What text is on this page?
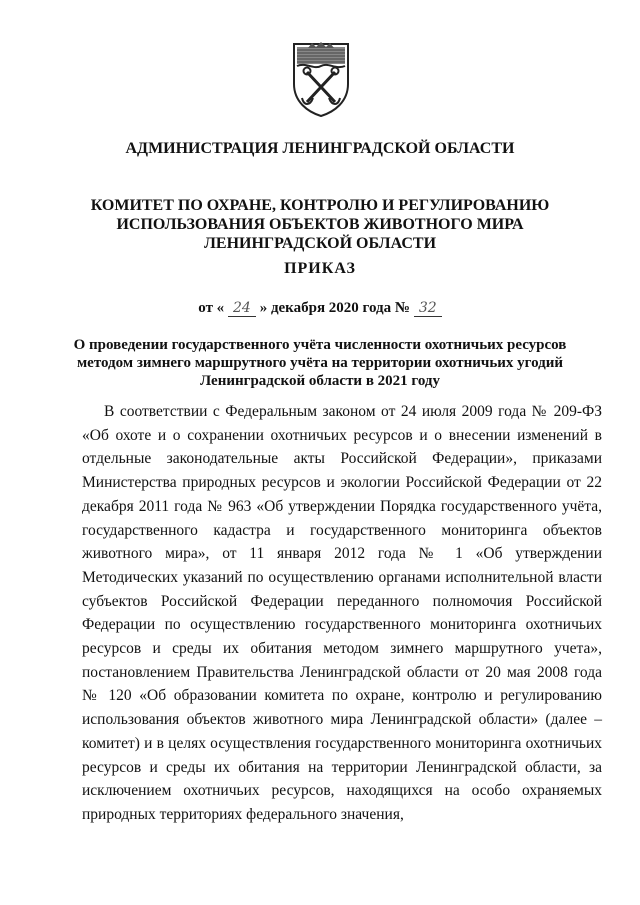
АДМИНИСТРАЦИЯ ЛЕНИНГРАДСКОЙ ОБЛАСТИ
КОМИТЕТ ПО ОХРАНЕ, КОНТРОЛЮ И РЕГУЛИРОВАНИЮ
ИСПОЛЬЗОВАНИЯ ОБЪЕКТОВ ЖИВОТНОГО МИРА
ЛЕНИНГРАДСКОЙ ОБЛАСТИ
ПРИКАЗ
от « 24 » декабря 2020 года № 32
О проведении государственного учёта численности охотничьих ресурсов
методом зимнего маршрутного учёта на территории охотничьих угодий
Ленинградской области в 2021 году

В соответствии с Федеральным законом от 24 июля 2009 года № 209-ФЗ «Об охоте и о сохранении охотничьих ресурсов и о внесении изменений в отдельные законодательные акты Российской Федерации», приказами Министерства природных ресурсов и экологии Российской Федерации от 22 декабря 2011 года № 963 «Об утверждении Порядка государственного учёта, государственного кадастра и государственного мониторинга объектов животного мира», от 11 января 2012 года № 1 «Об утверждении Методических указаний по осуществлению органами исполнительной власти субъектов Российской Федерации переданного полномочия Российской Федерации по осуществлению государственного мониторинга охотничьих ресурсов и среды их обитания методом зимнего маршрутного учета», постановлением Правительства Ленинградской области от 20 мая 2008 года № 120 «Об образовании комитета по охране, контролю и регулированию использования объектов животного мира Ленинградской области» (далее – комитет) и в целях осуществления государственного мониторинга охотничьих ресурсов и среды их обитания на территории Ленинградской области, за исключением охотничьих ресурсов, находящихся на особо охраняемых природных территориях федерального значения,
